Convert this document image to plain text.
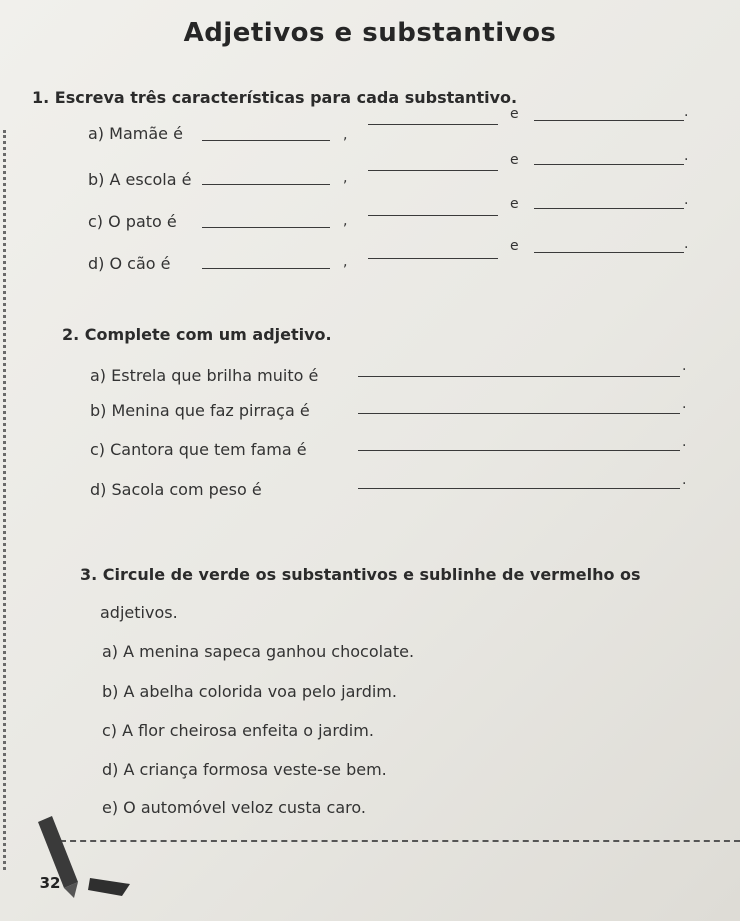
Adjetivos e substantivos
1. Escreva três características para cada substantivo.
a) Mamãe é	,
e	.
b) A escola é	,
e	.
c) O pato é	,
e	.
d) O cão é	,
e	.
2. Complete com um adjetivo.
a) Estrela que brilha muito é	.
b) Menina que faz pirraça é	.
c) Cantora que tem fama é	.
d) Sacola com peso é	.
3. Circule de verde os substantivos e sublinhe de vermelho os
adjetivos.
a) A menina sapeca ganhou chocolate.
b) A abelha colorida voa pelo jardim.
c) A flor cheirosa enfeita o jardim.
d) A criança formosa veste-se bem.
e) O automóvel veloz custa caro.
32
